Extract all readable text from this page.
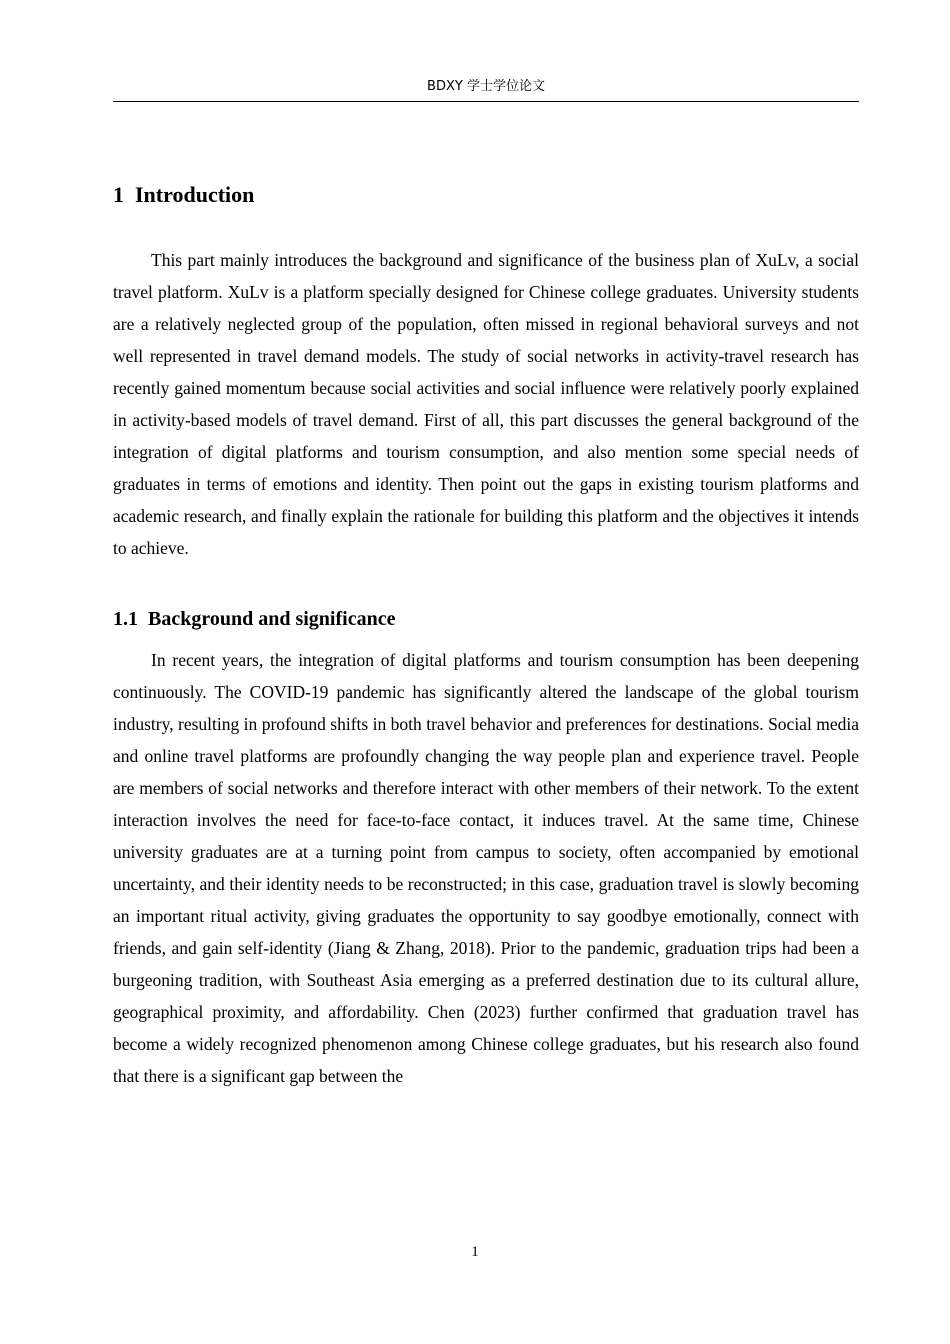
BDXY 学士学位论文
1 Introduction

This part mainly introduces the background and significance of the business plan of XuLv, a social travel platform. XuLv is a platform specially designed for Chinese college graduates. University students are a relatively neglected group of the population, often missed in regional behavioral surveys and not well represented in travel demand models. The study of social networks in activity-travel research has recently gained momentum because social activities and social influence were relatively poorly explained in activity-based models of travel demand. First of all, this part discusses the general background of the integration of digital platforms and tourism consumption, and also mention some special needs of graduates in terms of emotions and identity. Then point out the gaps in existing tourism platforms and academic research, and finally explain the rationale for building this platform and the objectives it intends to achieve.

1.1 Background and significance

In recent years, the integration of digital platforms and tourism consumption has been deepening continuously. The COVID-19 pandemic has significantly altered the landscape of the global tourism industry, resulting in profound shifts in both travel behavior and preferences for destinations. Social media and online travel platforms are profoundly changing the way people plan and experience travel. People are members of social networks and therefore interact with other members of their network. To the extent interaction involves the need for face-to-face contact, it induces travel. At the same time, Chinese university graduates are at a turning point from campus to society, often accompanied by emotional uncertainty, and their identity needs to be reconstructed; in this case, graduation travel is slowly becoming an important ritual activity, giving graduates the opportunity to say goodbye emotionally, connect with friends, and gain self-identity (Jiang & Zhang, 2018). Prior to the pandemic, graduation trips had been a burgeoning tradition, with Southeast Asia emerging as a preferred destination due to its cultural allure, geographical proximity, and affordability. Chen (2023) further confirmed that graduation travel has become a widely recognized phenomenon among Chinese college graduates, but his research also found that there is a significant gap between the

1
